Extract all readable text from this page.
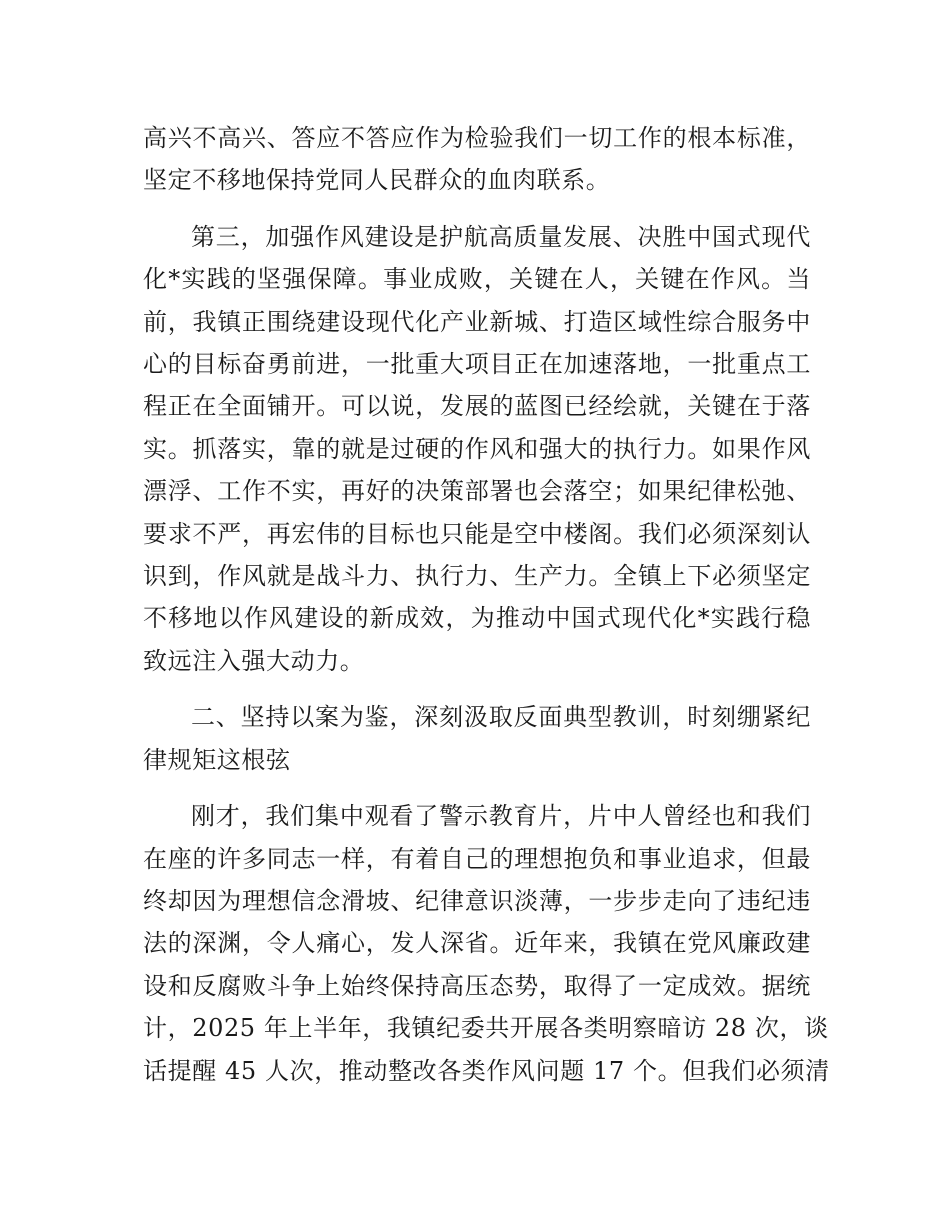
高兴不高兴、答应不答应作为检验我们一切工作的根本标准，
坚定不移地保持党同人民群众的血肉联系。
第三，加强作风建设是护航高质量发展、决胜中国式现代
化*实践的坚强保障。事业成败，关键在人，关键在作风。当
前，我镇正围绕建设现代化产业新城、打造区域性综合服务中
心的目标奋勇前进，一批重大项目正在加速落地，一批重点工
程正在全面铺开。可以说，发展的蓝图已经绘就，关键在于落
实。抓落实，靠的就是过硬的作风和强大的执行力。如果作风
漂浮、工作不实，再好的决策部署也会落空；如果纪律松弛、
要求不严，再宏伟的目标也只能是空中楼阁。我们必须深刻认
识到，作风就是战斗力、执行力、生产力。全镇上下必须坚定
不移地以作风建设的新成效，为推动中国式现代化*实践行稳
致远注入强大动力。
二、坚持以案为鉴，深刻汲取反面典型教训，时刻绷紧纪
律规矩这根弦
刚才，我们集中观看了警示教育片，片中人曾经也和我们
在座的许多同志一样，有着自己的理想抱负和事业追求，但最
终却因为理想信念滑坡、纪律意识淡薄，一步步走向了违纪违
法的深渊，令人痛心，发人深省。近年来，我镇在党风廉政建
设和反腐败斗争上始终保持高压态势，取得了一定成效。据统
计，2025 年上半年，我镇纪委共开展各类明察暗访 28 次，谈
话提醒 45 人次，推动整改各类作风问题 17 个。但我们必须清
